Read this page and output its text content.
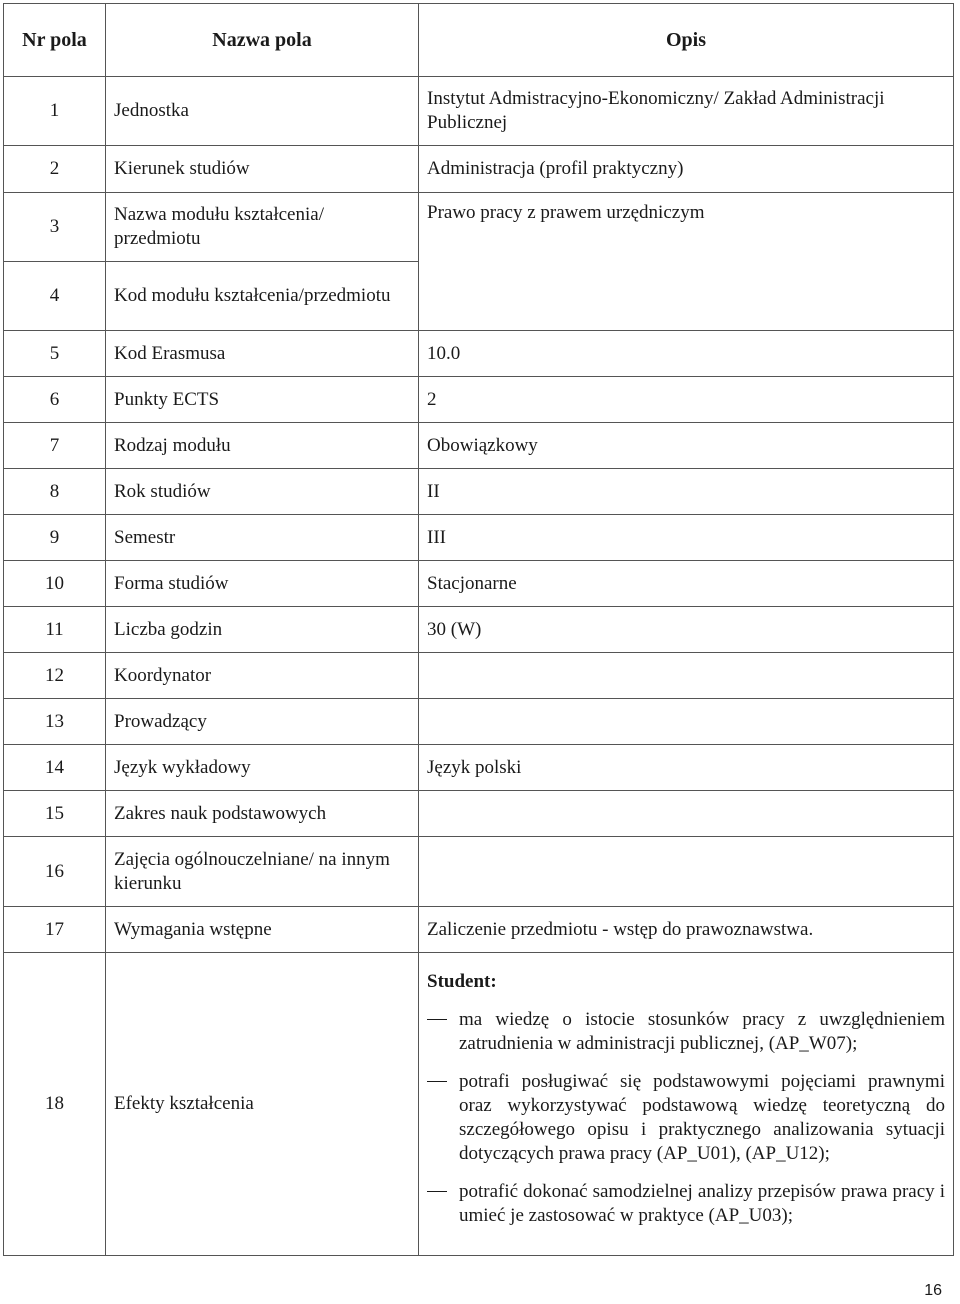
Nr pola	Nazwa pola	Opis
1	Jednostka	Instytut Admistracyjno-Ekonomiczny/ Zakład Administracji Publicznej
2	Kierunek studiów	Administracja (profil praktyczny)
3	Nazwa modułu kształcenia/ przedmiotu	Prawo pracy z prawem urzędniczym
4	Kod modułu kształcenia/przedmiotu	
5	Kod Erasmusa	10.0
6	Punkty ECTS	2
7	Rodzaj modułu	Obowiązkowy
8	Rok studiów	II
9	Semestr	III
10	Forma studiów	Stacjonarne
11	Liczba godzin	30 (W)
12	Koordynator	
13	Prowadzący	
14	Język wykładowy	Język polski
15	Zakres nauk podstawowych	
16	Zajęcia ogólnouczelniane/ na innym kierunku	
17	Wymagania wstępne	Zaliczenie przedmiotu - wstęp do prawoznawstwa.
18	Efekty kształcenia	Student:
ma wiedzę o istocie stosunków pracy z uwzględnieniem zatrudnienia w administracji publicznej, (AP_W07);
potrafi posługiwać się podstawowymi pojęciami prawnymi oraz wykorzystywać podstawową wiedzę teoretyczną do szczegółowego opisu i praktycznego analizowania sytuacji dotyczących prawa pracy (AP_U01), (AP_U12);
potrafić dokonać samodzielnej analizy przepisów prawa pracy i umieć je zastosować w praktyce (AP_U03);
16
